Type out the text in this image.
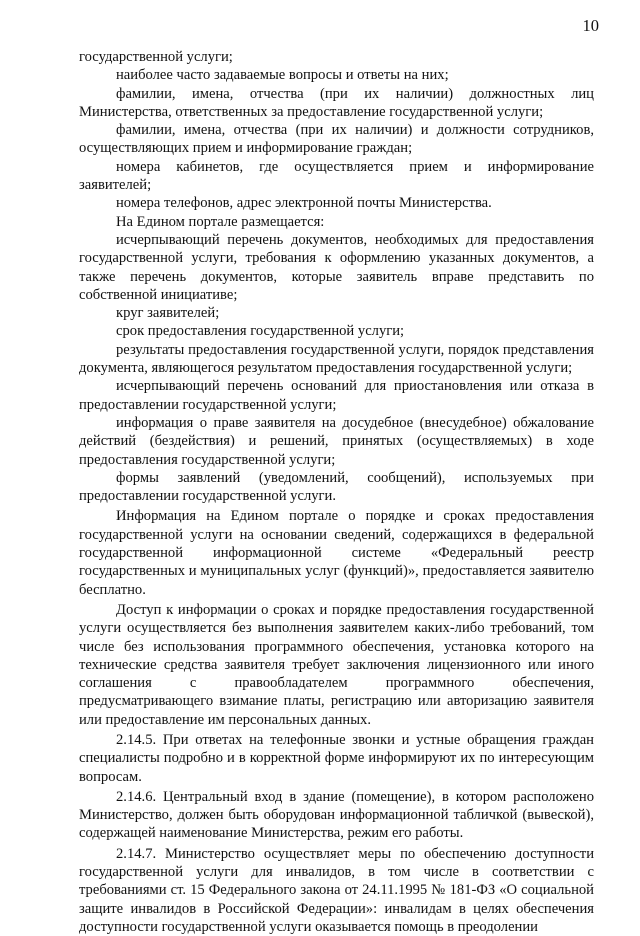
10

государственной услуги;

наиболее часто задаваемые вопросы и ответы на них;

фамилии, имена, отчества (при их наличии) должностных лиц Министерства, ответственных за предоставление государственной услуги;

фамилии, имена, отчества (при их наличии) и должности сотрудников, осуществляющих прием и информирование граждан;

номера кабинетов, где осуществляется прием и информирование заявителей;

номера телефонов, адрес электронной почты Министерства.

На Едином портале размещается:

исчерпывающий перечень документов, необходимых для предоставления государственной услуги, требования к оформлению указанных документов, а также перечень документов, которые заявитель вправе представить по собственной инициативе;

круг заявителей;

срок предоставления государственной услуги;

результаты предоставления государственной услуги, порядок представления документа, являющегося результатом предоставления государственной услуги;

исчерпывающий перечень оснований для приостановления или отказа в предоставлении государственной услуги;

информация о праве заявителя на досудебное (внесудебное) обжалование действий (бездействия) и решений, принятых (осуществляемых) в ходе предоставления государственной услуги;

формы заявлений (уведомлений, сообщений), используемых при предоставлении государственной услуги.

Информация на Едином портале о порядке и сроках предоставления государственной услуги на основании сведений, содержащихся в федеральной государственной информационной системе «Федеральный реестр государственных и муниципальных услуг (функций)», предоставляется заявителю бесплатно.

Доступ к информации о сроках и порядке предоставления государственной услуги осуществляется без выполнения заявителем каких-либо требований, том числе без использования программного обеспечения, установка которого на технические средства заявителя требует заключения лицензионного или иного соглашения с правообладателем программного обеспечения, предусматривающего взимание платы, регистрацию или авторизацию заявителя или предоставление им персональных данных.

2.14.5. При ответах на телефонные звонки и устные обращения граждан специалисты подробно и в корректной форме информируют их по интересующим вопросам.

2.14.6. Центральный вход в здание (помещение), в котором расположено Министерство, должен быть оборудован информационной табличкой (вывеской), содержащей наименование Министерства, режим его работы.

2.14.7. Министерство осуществляет меры по обеспечению доступности государственной услуги для инвалидов, в том числе в соответствии с требованиями ст. 15 Федерального закона от 24.11.1995 № 181-ФЗ «О социальной защите инвалидов в Российской Федерации»: инвалидам в целях обеспечения доступности государственной услуги оказывается помощь в преодолении
